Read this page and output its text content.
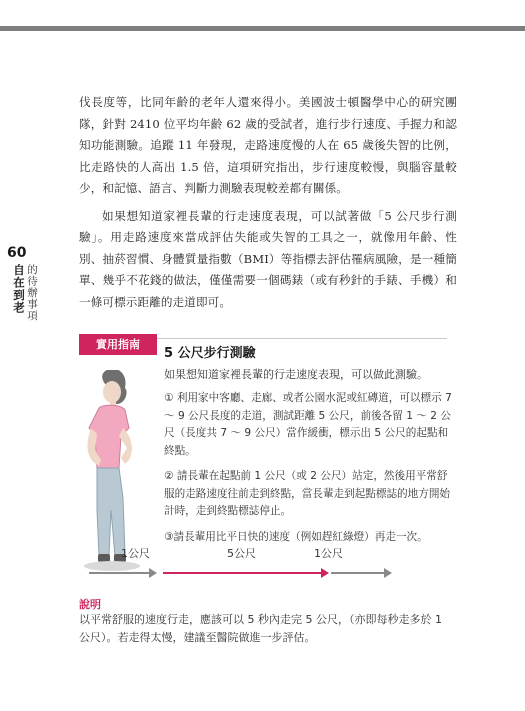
伐長度等，比同年齡的老年人還來得小。美國波士頓醫學中心的研究團隊，針對 2410 位平均年齡 62 歲的受試者，進行步行速度、手握力和認知功能測驗。追蹤 11 年發現，走路速度慢的人在 65 歲後失智的比例，比走路快的人高出 1.5 倍，這項研究指出，步行速度較慢，與腦容量較少，和記憶、語言、判斷力測驗表現較差都有關係。

如果想知道家裡長輩的行走速度表現，可以試著做「5 公尺步行測驗」。用走路速度來當成評估失能或失智的工具之一，就像用年齡、性別、抽菸習慣、身體質量指數（BMI）等指標去評估罹病風險，是一種簡單、幾乎不花錢的做法，僅僅需要一個碼錶（或有秒針的手錶、手機）和一條可標示距離的走道即可。

60
自在到老 的待辦事項
實用指南
5 公尺步行測驗
如果想知道家裡長輩的行走速度表現，可以做此測驗。

① 利用家中客廳、走廊、或者公園水泥或紅磚道，可以標示 7 ～ 9 公尺長度的走道，測試距離 5 公尺，前後各留 1 ～ 2 公尺（長度共 7 ～ 9 公尺）當作緩衝，標示出 5 公尺的起點和終點。

② 請長輩在起點前 1 公尺（或 2 公尺）站定，然後用平常舒服的走路速度往前走到終點，當長輩走到起點標誌的地方開始計時，走到終點標誌停止。

③請長輩用比平日快的速度（例如趕紅綠燈）再走一次。

1公尺	5公尺	1公尺
說明
以平常舒服的速度行走，應該可以 5 秒內走完 5 公尺，（亦即每秒走多於 1 公尺）。若走得太慢，建議至醫院做進一步評估。
